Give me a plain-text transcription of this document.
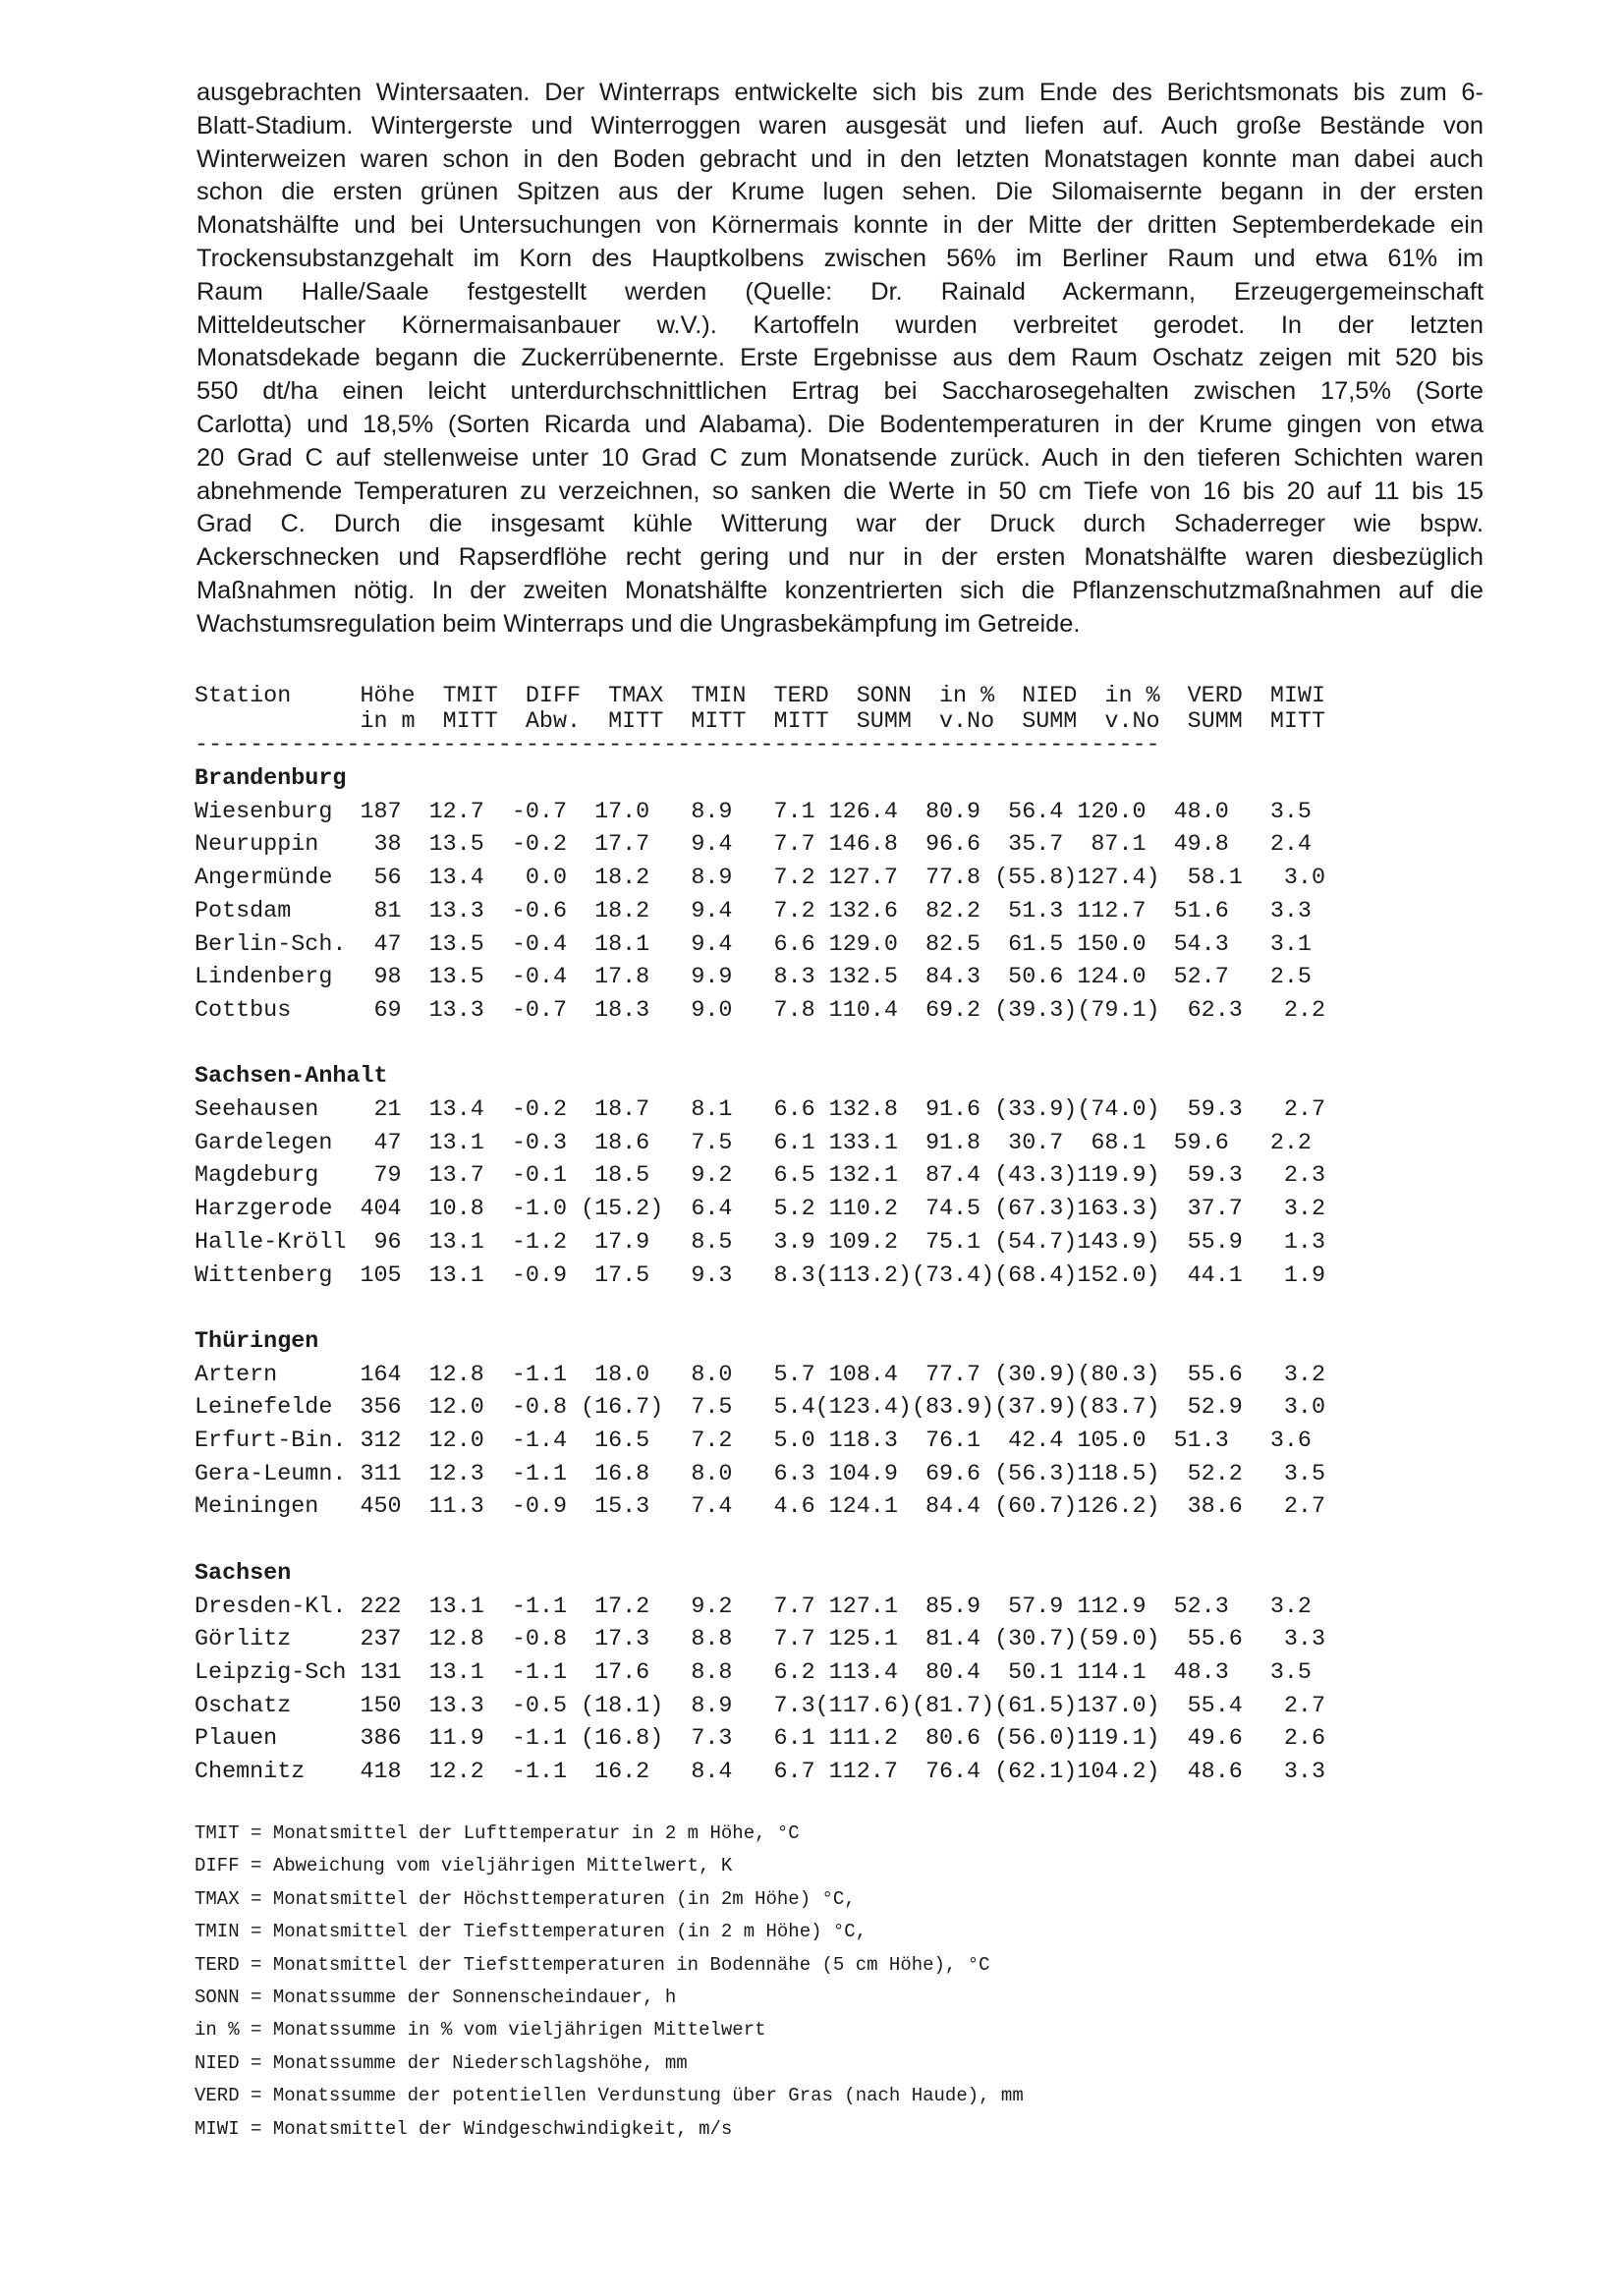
ausgebrachten Wintersaaten. Der Winterraps entwickelte sich bis zum Ende des Berichtsmonats bis zum 6-
Blatt-Stadium. Wintergerste und Winterroggen waren ausgesät und liefen auf. Auch große Bestände von
Winterweizen waren schon in den Boden gebracht und in den letzten Monatstagen konnte man dabei auch
schon die ersten grünen Spitzen aus der Krume lugen sehen. Die Silomaisernte begann in der ersten
Monatshälfte und bei Untersuchungen von Körnermais konnte in der Mitte der dritten Septemberdekade ein
Trockensubstanzgehalt im Korn des Hauptkolbens zwischen 56% im Berliner Raum und etwa 61% im
Raum Halle/Saale festgestellt werden (Quelle: Dr. Rainald Ackermann, Erzeugergemeinschaft
Mitteldeutscher Körnermaisanbauer w.V.). Kartoffeln wurden verbreitet gerodet. In der letzten
Monatsdekade begann die Zuckerrübenernte. Erste Ergebnisse aus dem Raum Oschatz zeigen mit 520 bis
550 dt/ha einen leicht unterdurchschnittlichen Ertrag bei Saccharosegehalten zwischen 17,5% (Sorte
Carlotta) und 18,5% (Sorten Ricarda und Alabama). Die Bodentemperaturen in der Krume gingen von etwa
20 Grad C auf stellenweise unter 10 Grad C zum Monatsende zurück. Auch in den tieferen Schichten waren
abnehmende Temperaturen zu verzeichnen, so sanken die Werte in 50 cm Tiefe von 16 bis 20 auf 11 bis 15
Grad C. Durch die insgesamt kühle Witterung war der Druck durch Schaderreger wie bspw.
Ackerschnecken und Rapserdflöhe recht gering und nur in der ersten Monatshälfte waren diesbezüglich
Maßnahmen nötig. In der zweiten Monatshälfte konzentrierten sich die Pflanzenschutzmaßnahmen auf die
Wachstumsregulation beim Winterraps und die Ungrasbekämpfung im Getreide.
Station     Höhe  TMIT  DIFF  TMAX  TMIN  TERD  SONN  in %  NIED  in %  VERD  MIWI
in m  MITT  Abw.  MITT  MITT  MITT  SUMM  v.No  SUMM  v.No  SUMM  MITT
----------------------------------------------------------------------
Brandenburg
Wiesenburg  187  12.7  -0.7  17.0   8.9   7.1 126.4  80.9  56.4 120.0  48.0   3.5
Neuruppin    38  13.5  -0.2  17.7   9.4   7.7 146.8  96.6  35.7  87.1  49.8   2.4
Angermünde   56  13.4   0.0  18.2   8.9   7.2 127.7  77.8 (55.8)127.4)  58.1   3.0
Potsdam      81  13.3  -0.6  18.2   9.4   7.2 132.6  82.2  51.3 112.7  51.6   3.3
Berlin-Sch.  47  13.5  -0.4  18.1   9.4   6.6 129.0  82.5  61.5 150.0  54.3   3.1
Lindenberg   98  13.5  -0.4  17.8   9.9   8.3 132.5  84.3  50.6 124.0  52.7   2.5
Cottbus      69  13.3  -0.7  18.3   9.0   7.8 110.4  69.2 (39.3)(79.1)  62.3   2.2
Sachsen-Anhalt
Seehausen    21  13.4  -0.2  18.7   8.1   6.6 132.8  91.6 (33.9)(74.0)  59.3   2.7
Gardelegen   47  13.1  -0.3  18.6   7.5   6.1 133.1  91.8  30.7  68.1  59.6   2.2
Magdeburg    79  13.7  -0.1  18.5   9.2   6.5 132.1  87.4 (43.3)119.9)  59.3   2.3
Harzgerode  404  10.8  -1.0 (15.2)  6.4   5.2 110.2  74.5 (67.3)163.3)  37.7   3.2
Halle-Kröll  96  13.1  -1.2  17.9   8.5   3.9 109.2  75.1 (54.7)143.9)  55.9   1.3
Wittenberg  105  13.1  -0.9  17.5   9.3   8.3(113.2)(73.4)(68.4)152.0)  44.1   1.9
Thüringen
Artern      164  12.8  -1.1  18.0   8.0   5.7 108.4  77.7 (30.9)(80.3)  55.6   3.2
Leinefelde  356  12.0  -0.8 (16.7)  7.5   5.4(123.4)(83.9)(37.9)(83.7)  52.9   3.0
Erfurt-Bin. 312  12.0  -1.4  16.5   7.2   5.0 118.3  76.1  42.4 105.0  51.3   3.6
Gera-Leumn. 311  12.3  -1.1  16.8   8.0   6.3 104.9  69.6 (56.3)118.5)  52.2   3.5
Meiningen   450  11.3  -0.9  15.3   7.4   4.6 124.1  84.4 (60.7)126.2)  38.6   2.7
Sachsen
Dresden-Kl. 222  13.1  -1.1  17.2   9.2   7.7 127.1  85.9  57.9 112.9  52.3   3.2
Görlitz     237  12.8  -0.8  17.3   8.8   7.7 125.1  81.4 (30.7)(59.0)  55.6   3.3
Leipzig-Sch 131  13.1  -1.1  17.6   8.8   6.2 113.4  80.4  50.1 114.1  48.3   3.5
Oschatz     150  13.3  -0.5 (18.1)  8.9   7.3(117.6)(81.7)(61.5)137.0)  55.4   2.7
Plauen      386  11.9  -1.1 (16.8)  7.3   6.1 111.2  80.6 (56.0)119.1)  49.6   2.6
Chemnitz    418  12.2  -1.1  16.2   8.4   6.7 112.7  76.4 (62.1)104.2)  48.6   3.3
TMIT = Monatsmittel der Lufttemperatur in 2 m Höhe, °C
DIFF = Abweichung vom vieljährigen Mittelwert, K
TMAX = Monatsmittel der Höchsttemperaturen (in 2m Höhe) °C,
TMIN = Monatsmittel der Tiefsttemperaturen (in 2 m Höhe) °C,
TERD = Monatsmittel der Tiefsttemperaturen in Bodennähe (5 cm Höhe), °C
SONN = Monatssumme der Sonnenscheindauer, h
in % = Monatssumme in % vom vieljährigen Mittelwert
NIED = Monatssumme der Niederschlagshöhe, mm
VERD = Monatssumme der potentiellen Verdunstung über Gras (nach Haude), mm
MIWI = Monatsmittel der Windgeschwindigkeit, m/s
